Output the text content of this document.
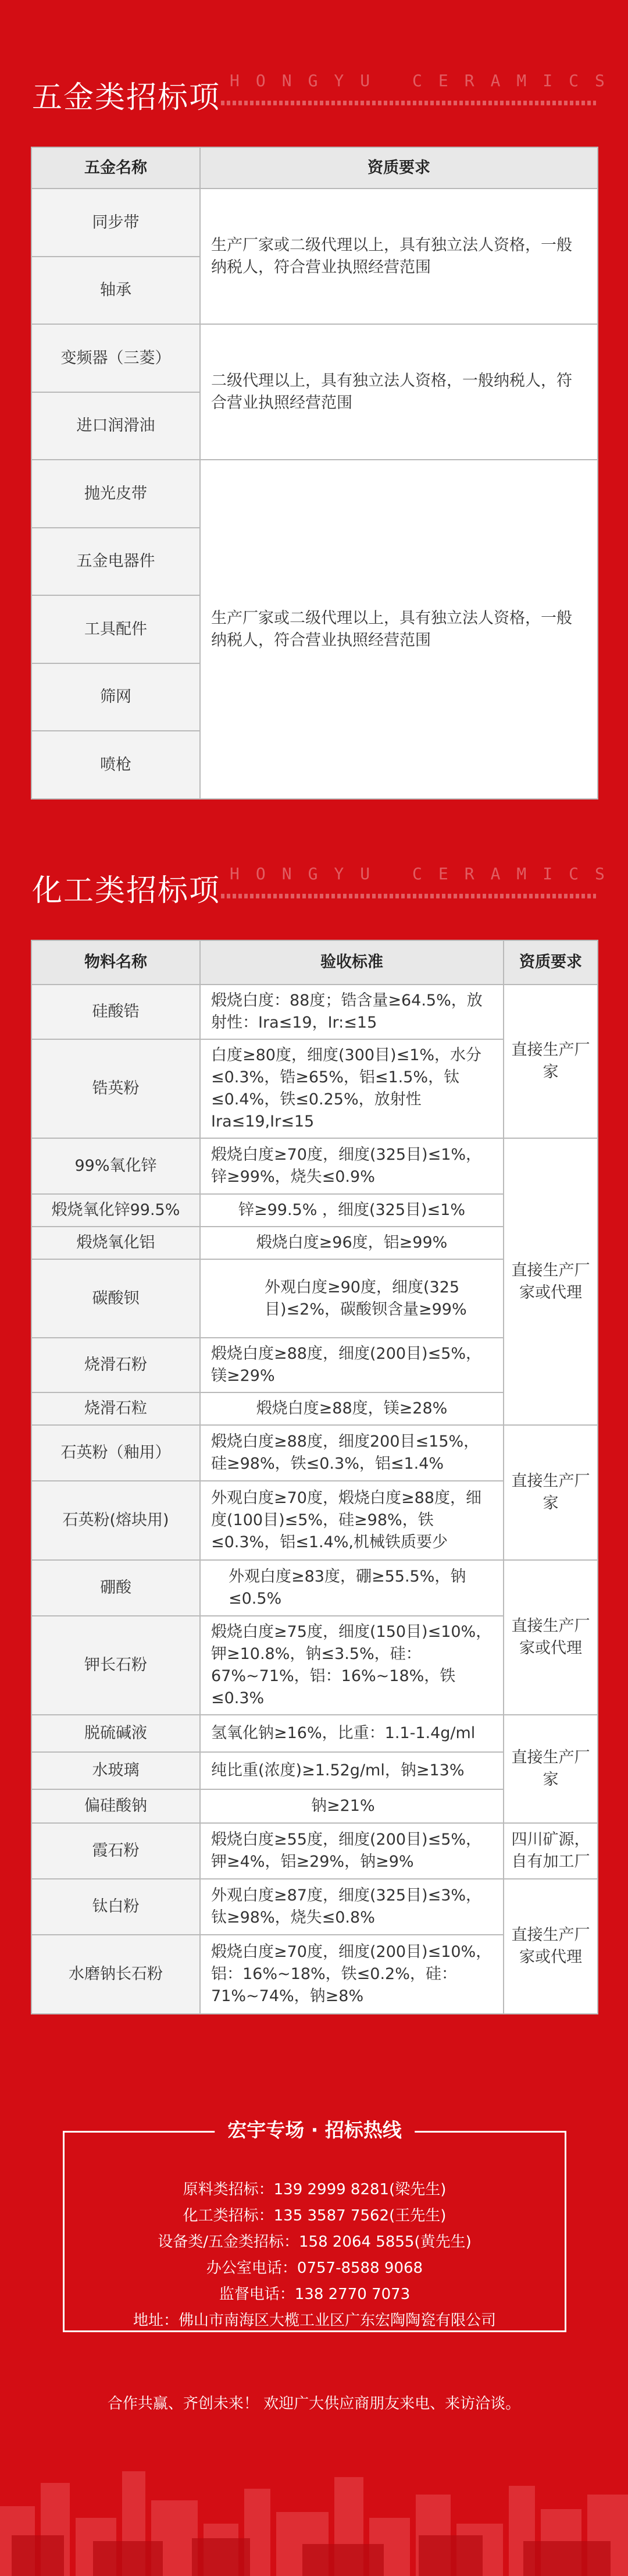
五金类招标项 HONGYU CERAMICS
五金名称	资质要求
同步带	生产厂家或二级代理以上，具有独立法人资格，一般纳税人，符合营业执照经营范围
轴承	
变频器（三菱）	二级代理以上，具有独立法人资格，一般纳税人，符合营业执照经营范围
进口润滑油	
抛光皮带	生产厂家或二级代理以上，具有独立法人资格，一般纳税人，符合营业执照经营范围
五金电器件	
工具配件	
筛网	
喷枪	
化工类招标项 HONGYU CERAMICS
物料名称	验收标准	资质要求
硅酸锆	煅烧白度：88度；锆含量≥64.5%，放射性：Ira≤19，Ir:≤15	直接生产厂家
锆英粉	白度≥80度，细度(300目)≤1%，水分≤0.3%，锆≥65%，铝≤1.5%，钛≤0.4%，铁≤0.25%，放射性Ira≤19,Ir≤15	
99%氧化锌	煅烧白度≥70度，细度(325目)≤1%，锌≥99%，烧失≤0.9%	直接生产厂家或代理
煅烧氧化锌99.5%	锌≥99.5% ，细度(325目)≤1%	
煅烧氧化铝	煅烧白度≥96度，铝≥99%	
碳酸钡	外观白度≥90度，细度(325目)≤2%，碳酸钡含量≥99%	
烧滑石粉	煅烧白度≥88度，细度(200目)≤5%，镁≥29%	
烧滑石粒	煅烧白度≥88度，镁≥28%	
石英粉（釉用）	煅烧白度≥88度，细度200目≤15%，硅≥98%，铁≤0.3%，铝≤1.4%	直接生产厂家
石英粉(熔块用)	外观白度≥70度，煅烧白度≥88度，细度(100目)≤5%，硅≥98%，铁≤0.3%，铝≤1.4%,机械铁质要少	
硼酸	外观白度≥83度，硼≥55.5%，钠≤0.5%	直接生产厂家或代理
钾长石粉	煅烧白度≥75度，细度(150目)≤10%，钾≥10.8%，钠≤3.5%，硅：67%~71%，铝：16%~18%，铁≤0.3%	
脱硫碱液	氢氧化钠≥16%，比重：1.1-1.4g/ml	直接生产厂家
水玻璃	纯比重(浓度)≥1.52g/ml，钠≥13%	
偏硅酸钠	钠≥21%	
霞石粉	煅烧白度≥55度，细度(200目)≤5%，钾≥4%，铝≥29%，钠≥9%	四川矿源，自有加工厂
钛白粉	外观白度≥87度，细度(325目)≤3%，钛≥98%，烧失≤0.8%	直接生产厂家或代理
水磨钠长石粉	煅烧白度≥70度，细度(200目)≤10%，铝：16%~18%，铁≤0.2%，硅：71%~74%，钠≥8%	
宏宇专场 · 招标热线
原料类招标：139 2999 8281(梁先生)
化工类招标：135 3587 7562(王先生)
设备类/五金类招标：158 2064 5855(黄先生)
办公室电话：0757-8588 9068
监督电话：138 2770 7073
地址：佛山市南海区大榄工业区广东宏陶陶瓷有限公司
合作共赢、齐创未来！ 欢迎广大供应商朋友来电、来访洽谈。
